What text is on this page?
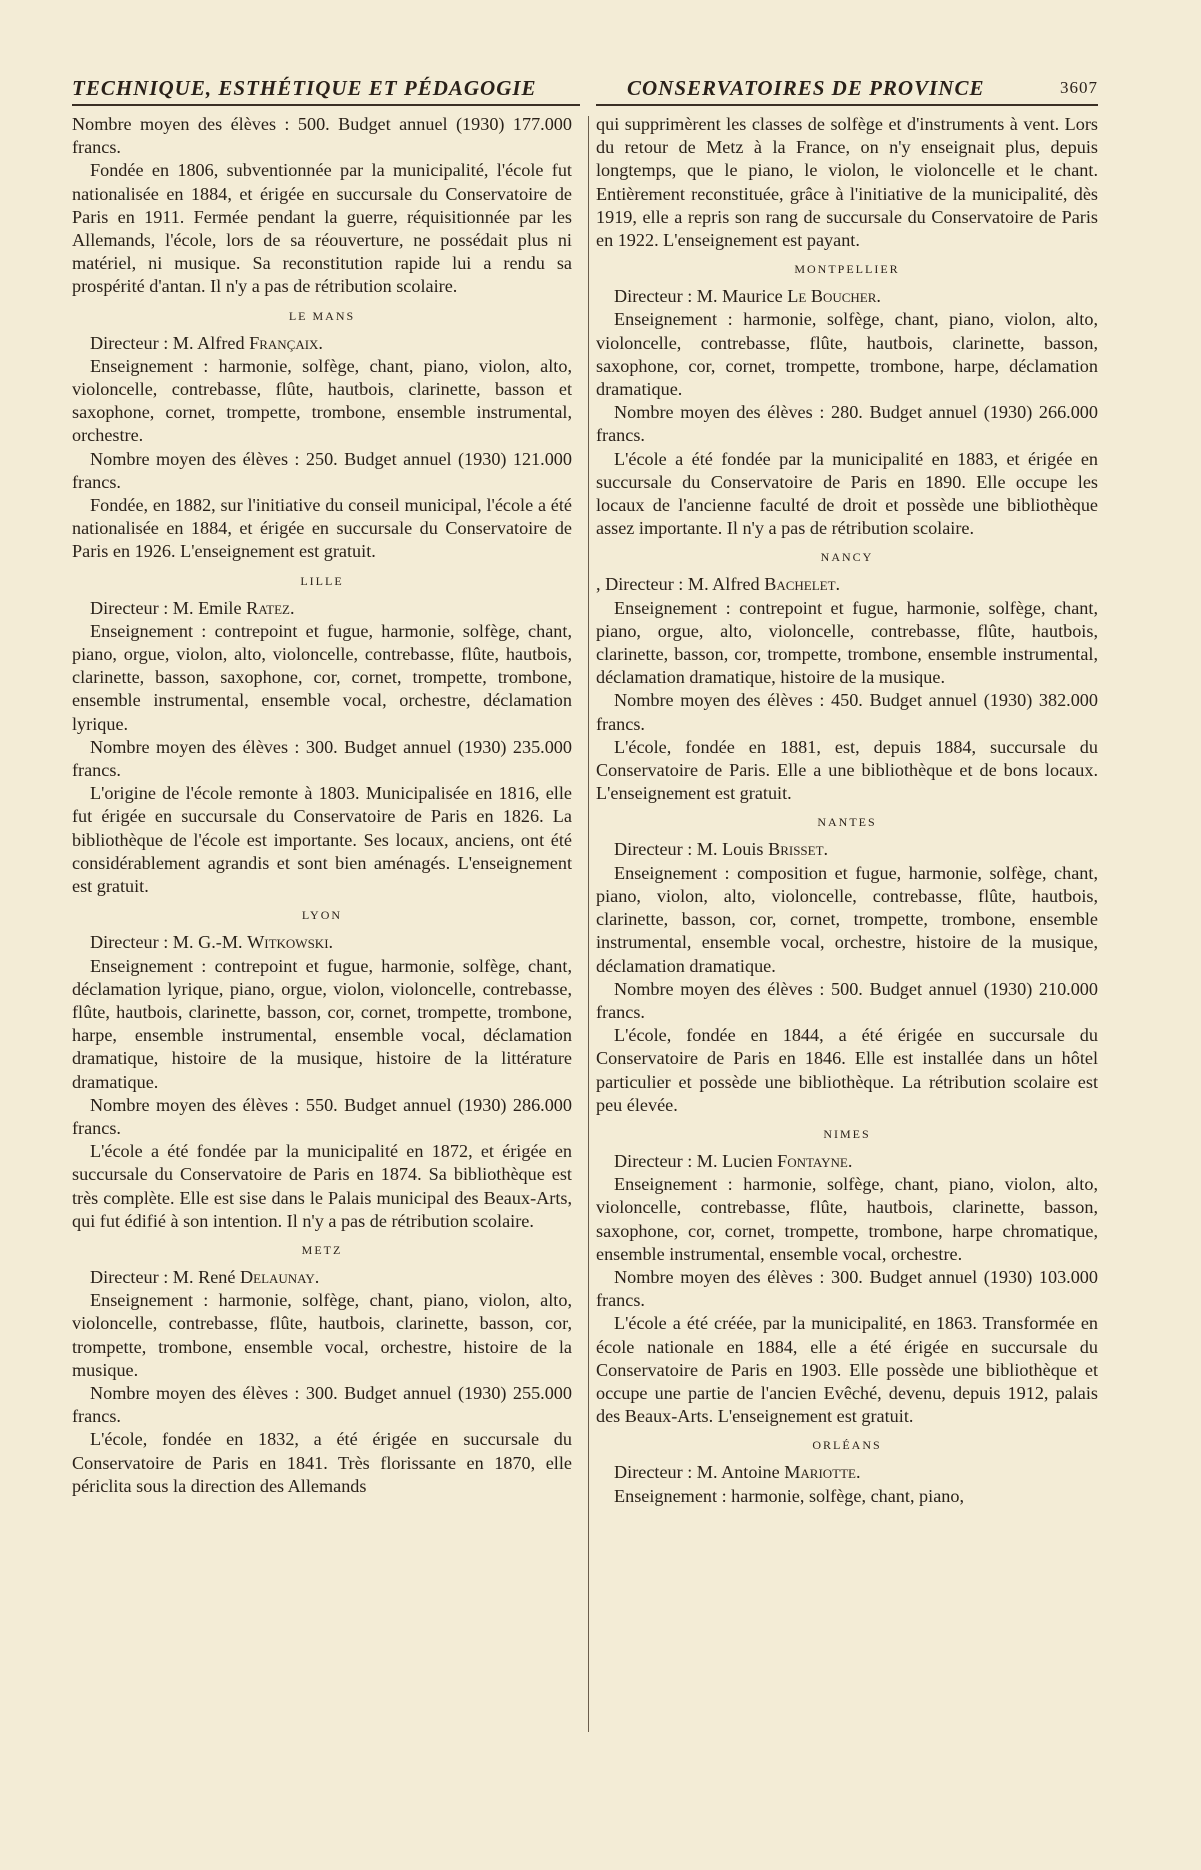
TECHNIQUE, ESTHÉTIQUE ET PÉDAGOGIE	CONSERVATOIRES DE PROVINCE	3607

Nombre moyen des élèves : 500. Budget annuel (1930) 177.000 francs.

Fondée en 1806, subventionnée par la municipalité, l'école fut nationalisée en 1884, et érigée en succursale du Conservatoire de Paris en 1911. Fermée pendant la guerre, réquisitionnée par les Allemands, l'école, lors de sa réouverture, ne possédait plus ni matériel, ni musique. Sa reconstitution rapide lui a rendu sa prospérité d'antan. Il n'y a pas de rétribution scolaire.

LE MANS

Directeur : M. Alfred Françaix.

Enseignement : harmonie, solfège, chant, piano, violon, alto, violoncelle, contrebasse, flûte, hautbois, clarinette, basson et saxophone, cornet, trompette, trombone, ensemble instrumental, orchestre.

Nombre moyen des élèves : 250. Budget annuel (1930) 121.000 francs.

Fondée, en 1882, sur l'initiative du conseil municipal, l'école a été nationalisée en 1884, et érigée en succursale du Conservatoire de Paris en 1926. L'enseignement est gratuit.

LILLE

Directeur : M. Emile Ratez.

Enseignement : contrepoint et fugue, harmonie, solfège, chant, piano, orgue, violon, alto, violoncelle, contrebasse, flûte, hautbois, clarinette, basson, saxophone, cor, cornet, trompette, trombone, ensemble instrumental, ensemble vocal, orchestre, déclamation lyrique.

Nombre moyen des élèves : 300. Budget annuel (1930) 235.000 francs.

L'origine de l'école remonte à 1803. Municipalisée en 1816, elle fut érigée en succursale du Conservatoire de Paris en 1826. La bibliothèque de l'école est importante. Ses locaux, anciens, ont été considérablement agrandis et sont bien aménagés. L'enseignement est gratuit.

LYON

Directeur : M. G.-M. Witkowski.

Enseignement : contrepoint et fugue, harmonie, solfège, chant, déclamation lyrique, piano, orgue, violon, violoncelle, contrebasse, flûte, hautbois, clarinette, basson, cor, cornet, trompette, trombone, harpe, ensemble instrumental, ensemble vocal, déclamation dramatique, histoire de la musique, histoire de la littérature dramatique.

Nombre moyen des élèves : 550. Budget annuel (1930) 286.000 francs.

L'école a été fondée par la municipalité en 1872, et érigée en succursale du Conservatoire de Paris en 1874. Sa bibliothèque est très complète. Elle est sise dans le Palais municipal des Beaux-Arts, qui fut édifié à son intention. Il n'y a pas de rétribution scolaire.

METZ

Directeur : M. René Delaunay.

Enseignement : harmonie, solfège, chant, piano, violon, alto, violoncelle, contrebasse, flûte, hautbois, clarinette, basson, cor, trompette, trombone, ensemble vocal, orchestre, histoire de la musique.

Nombre moyen des élèves : 300. Budget annuel (1930) 255.000 francs.

L'école, fondée en 1832, a été érigée en succursale du Conservatoire de Paris en 1841. Très florissante en 1870, elle périclita sous la direction des Allemands

qui supprimèrent les classes de solfège et d'instruments à vent. Lors du retour de Metz à la France, on n'y enseignait plus, depuis longtemps, que le piano, le violon, le violoncelle et le chant. Entièrement reconstituée, grâce à l'initiative de la municipalité, dès 1919, elle a repris son rang de succursale du Conservatoire de Paris en 1922. L'enseignement est payant.

MONTPELLIER

Directeur : M. Maurice Le Boucher.

Enseignement : harmonie, solfège, chant, piano, violon, alto, violoncelle, contrebasse, flûte, hautbois, clarinette, basson, saxophone, cor, cornet, trompette, trombone, harpe, déclamation dramatique.

Nombre moyen des élèves : 280. Budget annuel (1930) 266.000 francs.

L'école a été fondée par la municipalité en 1883, et érigée en succursale du Conservatoire de Paris en 1890. Elle occupe les locaux de l'ancienne faculté de droit et possède une bibliothèque assez importante. Il n'y a pas de rétribution scolaire.

NANCY

, Directeur : M. Alfred Bachelet.

Enseignement : contrepoint et fugue, harmonie, solfège, chant, piano, orgue, alto, violoncelle, contrebasse, flûte, hautbois, clarinette, basson, cor, trompette, trombone, ensemble instrumental, déclamation dramatique, histoire de la musique.

Nombre moyen des élèves : 450. Budget annuel (1930) 382.000 francs.

L'école, fondée en 1881, est, depuis 1884, succursale du Conservatoire de Paris. Elle a une bibliothèque et de bons locaux. L'enseignement est gratuit.

NANTES

Directeur : M. Louis Brisset.

Enseignement : composition et fugue, harmonie, solfège, chant, piano, violon, alto, violoncelle, contrebasse, flûte, hautbois, clarinette, basson, cor, cornet, trompette, trombone, ensemble instrumental, ensemble vocal, orchestre, histoire de la musique, déclamation dramatique.

Nombre moyen des élèves : 500. Budget annuel (1930) 210.000 francs.

L'école, fondée en 1844, a été érigée en succursale du Conservatoire de Paris en 1846. Elle est installée dans un hôtel particulier et possède une bibliothèque. La rétribution scolaire est peu élevée.

NIMES

Directeur : M. Lucien Fontayne.

Enseignement : harmonie, solfège, chant, piano, violon, alto, violoncelle, contrebasse, flûte, hautbois, clarinette, basson, saxophone, cor, cornet, trompette, trombone, harpe chromatique, ensemble instrumental, ensemble vocal, orchestre.

Nombre moyen des élèves : 300. Budget annuel (1930) 103.000 francs.

L'école a été créée, par la municipalité, en 1863. Transformée en école nationale en 1884, elle a été érigée en succursale du Conservatoire de Paris en 1903. Elle possède une bibliothèque et occupe une partie de l'ancien Evêché, devenu, depuis 1912, palais des Beaux-Arts. L'enseignement est gratuit.

ORLÉANS

Directeur : M. Antoine Mariotte.

Enseignement : harmonie, solfège, chant, piano,
